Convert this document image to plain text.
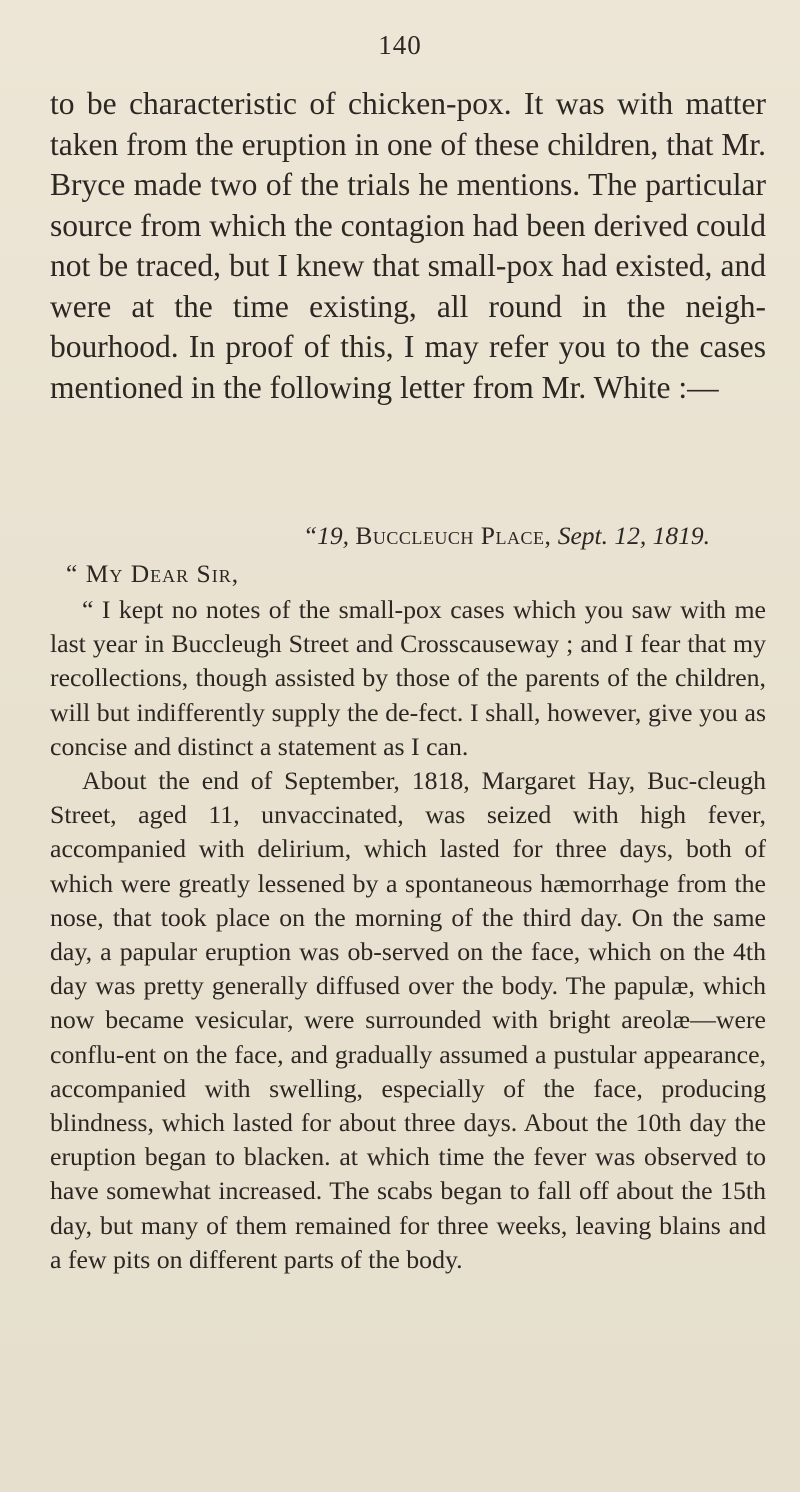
140

to be characteristic of chicken-pox. It was with matter taken from the eruption in one of these children, that Mr. Bryce made two of the trials he mentions. The particular source from which the contagion had been derived could not be traced, but I knew that small-pox had existed, and were at the time existing, all round in the neigh-bourhood. In proof of this, I may refer you to the cases mentioned in the following letter from Mr. White :—

“19, Buccleuch Place, Sept. 12, 1819.
“ My Dear Sir,

“ I kept no notes of the small-pox cases which you saw with me last year in Buccleugh Street and Crosscauseway ; and I fear that my recollections, though assisted by those of the parents of the children, will but indifferently supply the de-fect. I shall, however, give you as concise and distinct a statement as I can.

About the end of September, 1818, Margaret Hay, Buc-cleugh Street, aged 11, unvaccinated, was seized with high fever, accompanied with delirium, which lasted for three days, both of which were greatly lessened by a spontaneous hæmorrhage from the nose, that took place on the morning of the third day. On the same day, a papular eruption was ob-served on the face, which on the 4th day was pretty generally diffused over the body. The papulæ, which now became vesicular, were surrounded with bright areolæ—were conflu-ent on the face, and gradually assumed a pustular appearance, accompanied with swelling, especially of the face, producing blindness, which lasted for about three days. About the 10th day the eruption began to blacken. at which time the fever was observed to have somewhat increased. The scabs began to fall off about the 15th day, but many of them remained for three weeks, leaving blains and a few pits on different parts of the body.
